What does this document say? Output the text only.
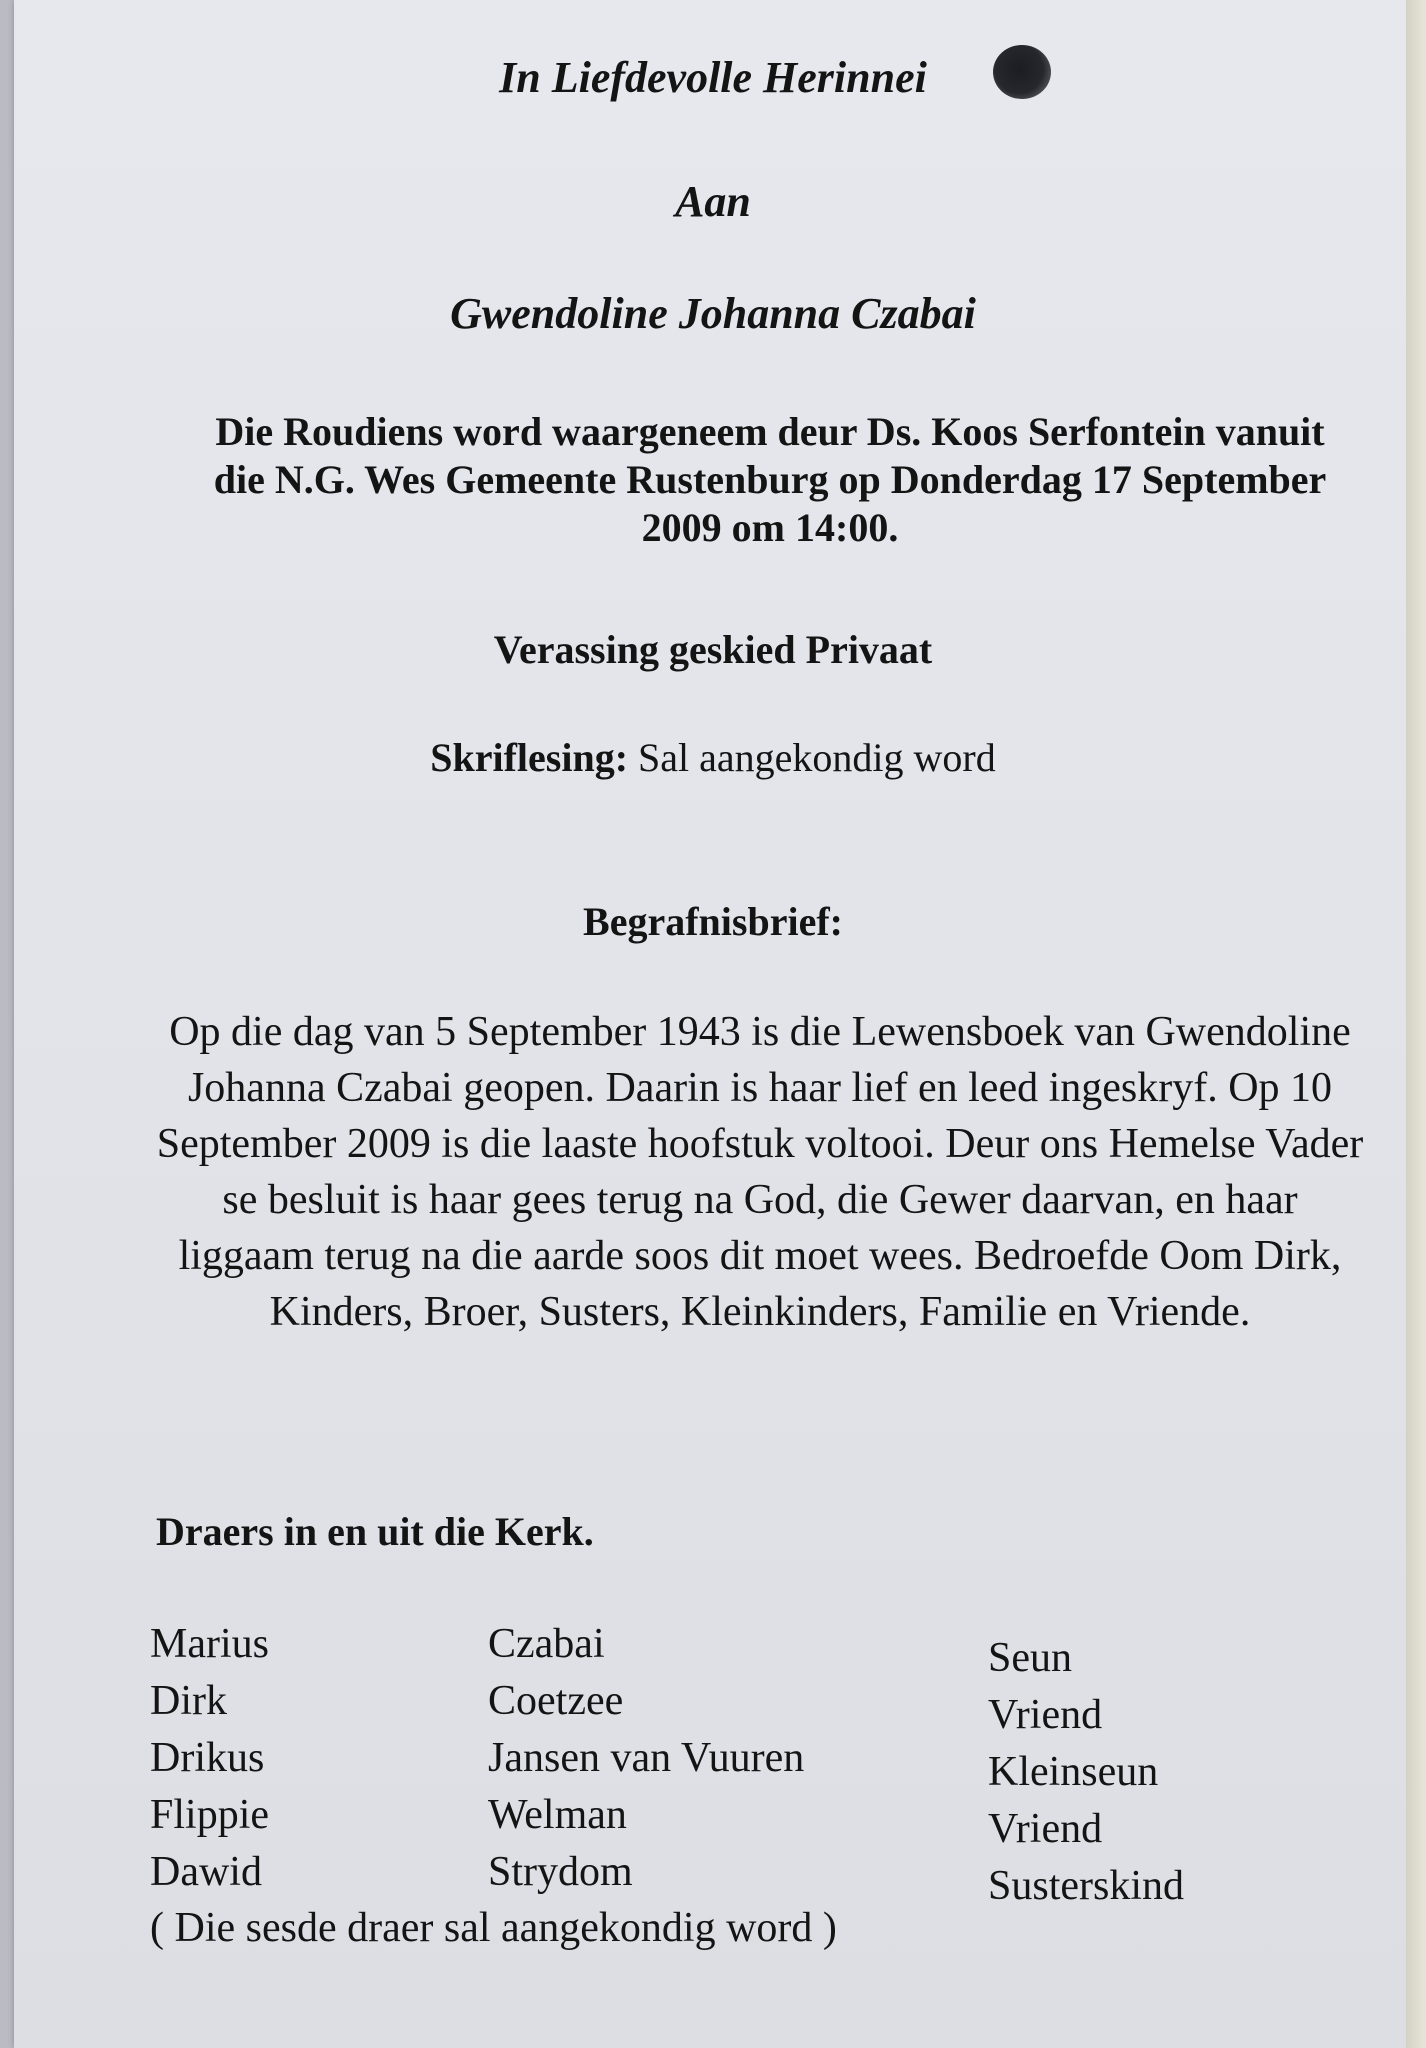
In Liefdevolle Herinnei

Aan

Gwendoline Johanna Czabai

Die Roudiens word waargeneem deur Ds. Koos Serfontein vanuit die N.G. Wes Gemeente Rustenburg op Donderdag 17 September 2009 om 14:00.

Verassing geskied Privaat

Skriflesing: Sal aangekondig word

Begrafnisbrief:

Op die dag van 5 September 1943 is die Lewensboek van Gwendoline Johanna Czabai geopen. Daarin is haar lief en leed ingeskryf. Op 10 September 2009 is die laaste hoofstuk voltooi. Deur ons Hemelse Vader se besluit is haar gees terug na God, die Gewer daarvan, en haar liggaam terug na die aarde soos dit moet wees. Bedroefde Oom Dirk, Kinders, Broer, Susters, Kleinkinders, Familie en Vriende.

Draers in en uit die Kerk.

Marius
Dirk
Drikus
Flippie
Dawid
Czabai
Coetzee
Jansen van Vuuren
Welman
Strydom
Seun
Vriend
Kleinseun
Vriend
Susterskind
( Die sesde draer sal aangekondig word )
